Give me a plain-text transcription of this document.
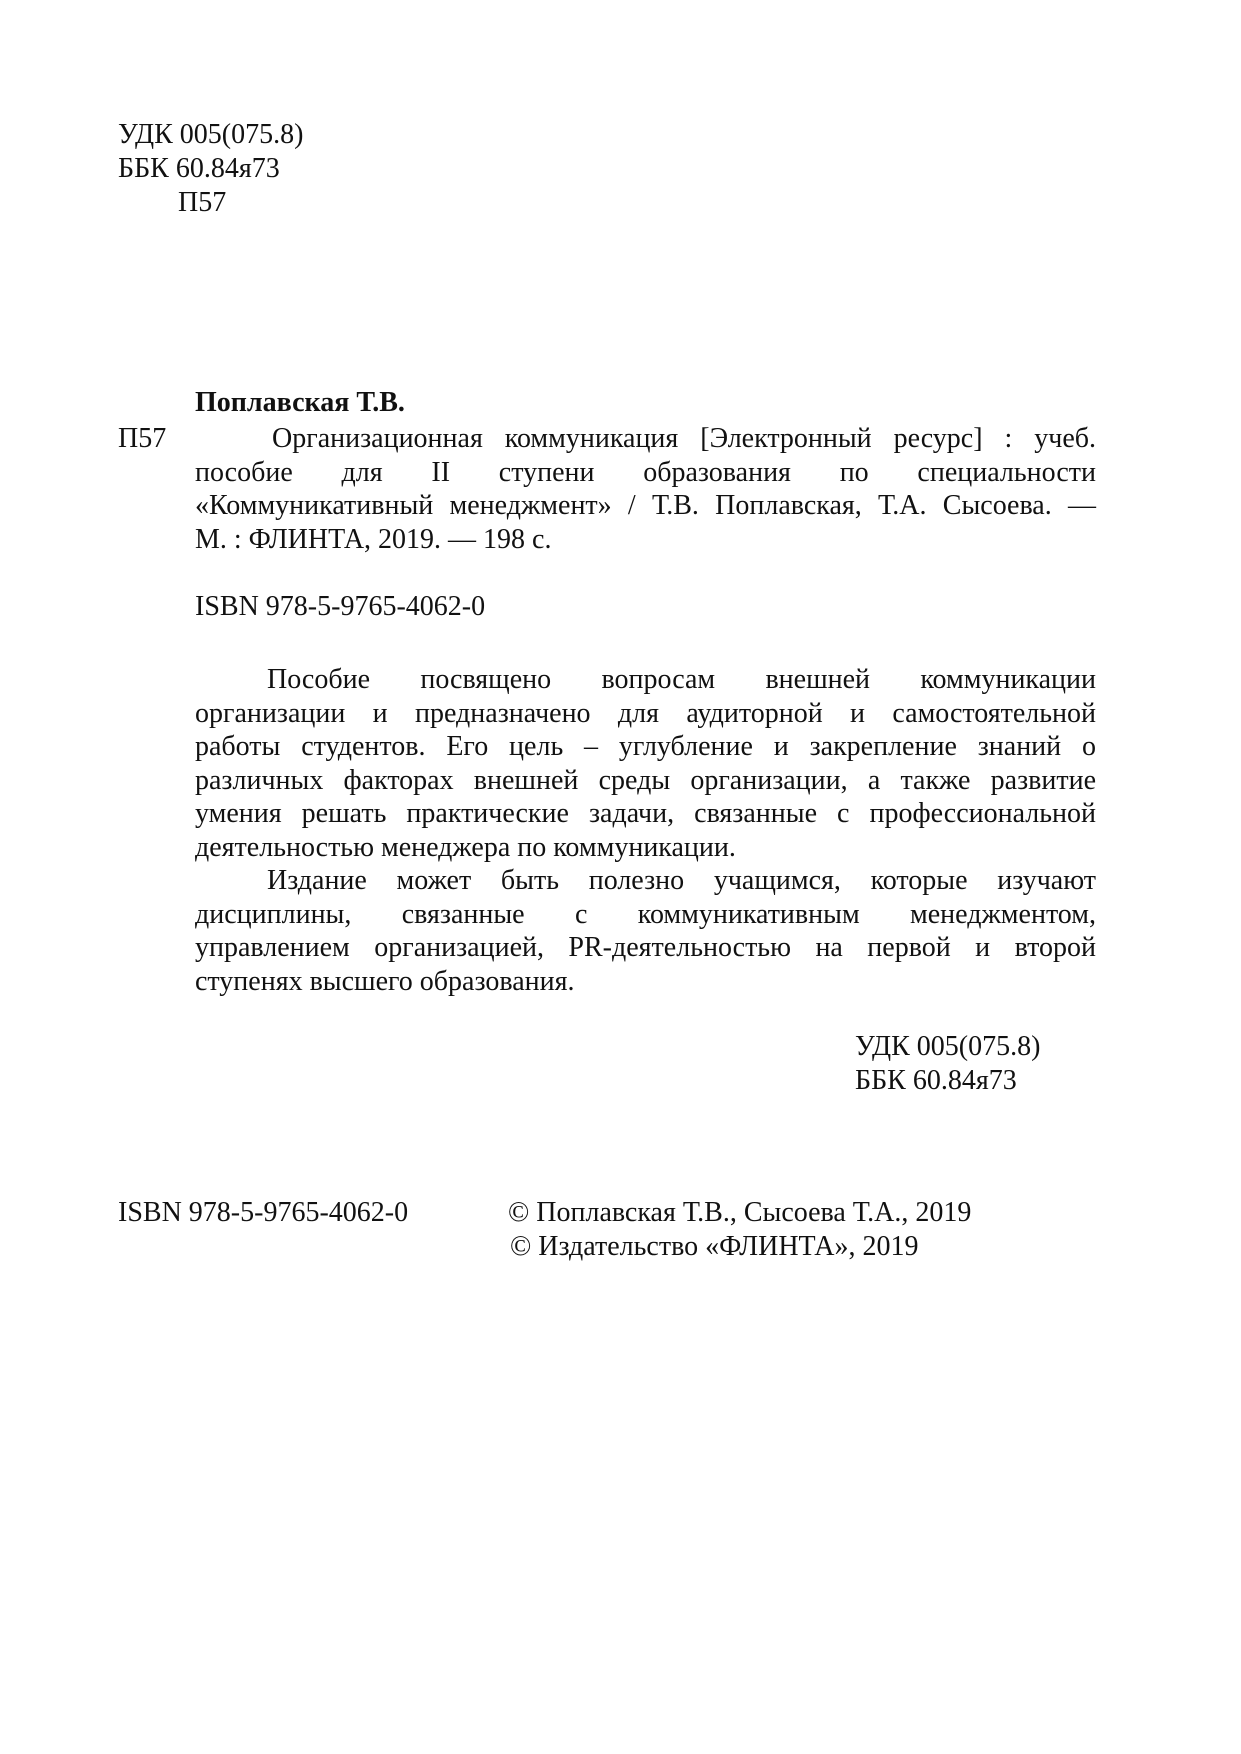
УДК 005(075.8)
ББК 60.84я73
П57
Поплавская Т.В.
П57	Организационная коммуникация [Электронный ресурс] : учеб.
пособие для II ступени образования по специальности
«Коммуникативный менеджмент» / Т.В. Поплавская, Т.А. Сысоева. —
М. : ФЛИНТА, 2019. — 198 с.
ISBN 978-5-9765-4062-0
Пособие посвящено вопросам внешней коммуникации
организации и предназначено для аудиторной и самостоятельной
работы студентов. Его цель – углубление и закрепление знаний о
различных факторах внешней среды организации, а также развитие
умения решать практические задачи, связанные с профессиональной
деятельностью менеджера по коммуникации.
Издание может быть полезно учащимся, которые изучают
дисциплины, связанные с коммуникативным менеджментом,
управлением организацией, PR-деятельностью на первой и второй
ступенях высшего образования.
УДК 005(075.8)
ББК 60.84я73
ISBN 978-5-9765-4062-0	© Поплавская Т.В., Сысоева Т.А., 2019
© Издательство «ФЛИНТА», 2019
